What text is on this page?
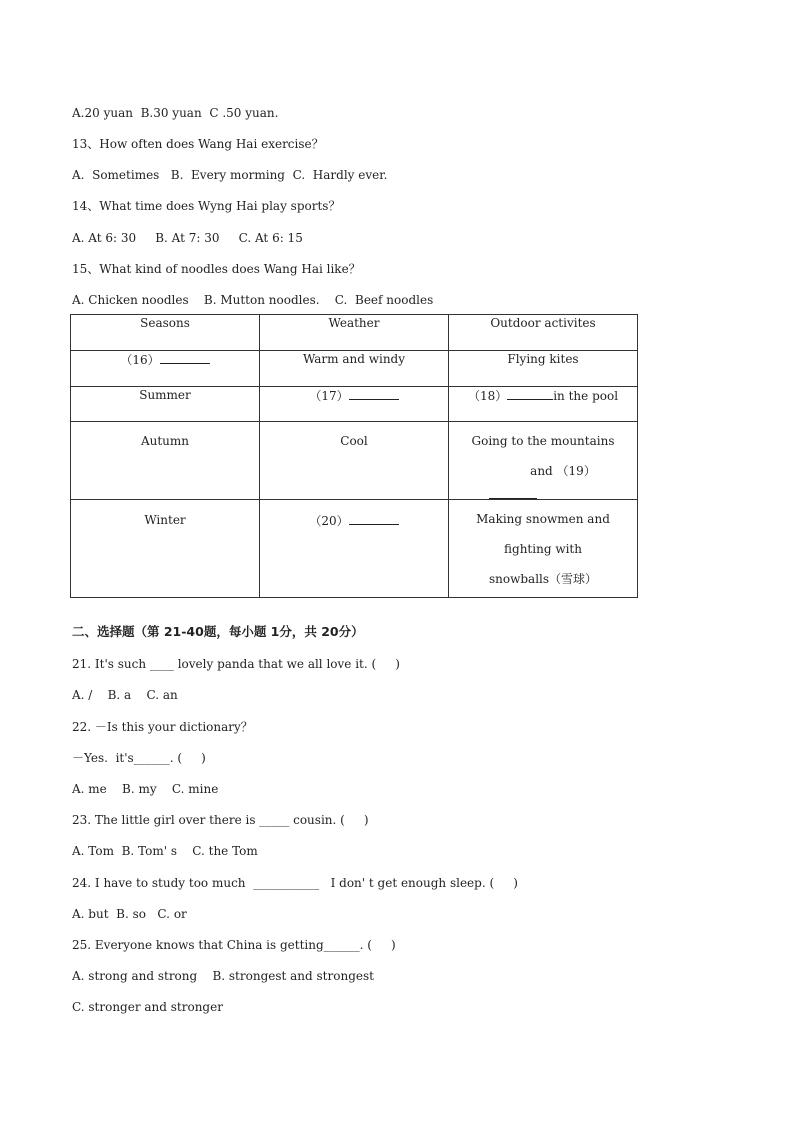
A.20 yuan  B.30 yuan  C .50 yuan.
13、How often does Wang Hai exercise？
A.  Sometimes   B.  Every morming  C.  Hardly ever.
14、What time does Wyng Hai play sports？
A. At 6: 30     B. At 7: 30     C. At 6: 15
15、What kind of noodles does Wang Hai like？
A. Chicken noodles    B. Mutton noodles.    C.  Beef noodles
Seasons	Weather	Outdoor activites
（16）	Warm and windy	Flying kites
Summer	（17）	（18） in the pool

Autumn	Cool	Going to the mountains
and （19）

Winter	（20）	Making snowmen and
fighting with
snowballs（雪球）
二、选择题（第 21-40题，每小题 1分，共 20分）
21. It's such ____ lovely panda that we all love it. (     )
A. /    B. a    C. an
22. －Is this your dictionary？
－Yes.  it's______. (     )
A. me    B. my    C. mine
23. The little girl over there is _____ cousin. (     )
A. Tom  B. Tom' s    C. the Tom
24. I have to study too much  ___________   I don' t get enough sleep. (     )
A. but  B. so   C. or
25. Everyone knows that China is getting______. (     )
A. strong and strong    B. strongest and strongest
C. stronger and stronger
